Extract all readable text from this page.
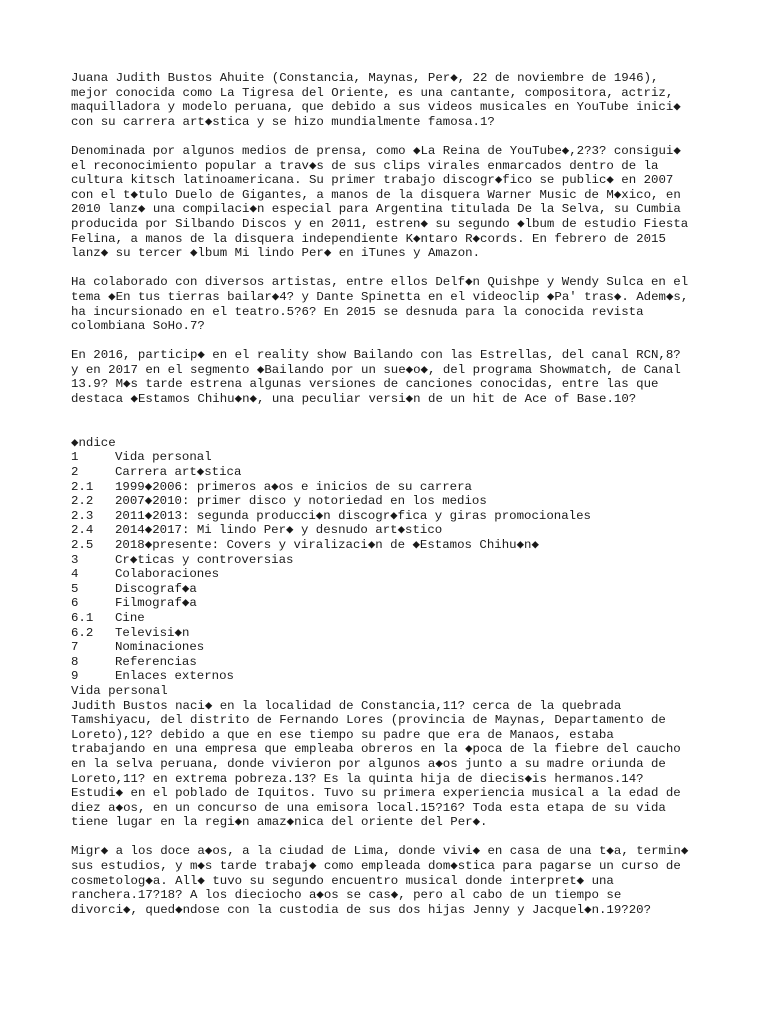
Juana Judith Bustos Ahuite (Constancia, Maynas, Per◆, 22 de noviembre de 1946),
mejor conocida como La Tigresa del Oriente, es una cantante, compositora, actriz,
maquilladora y modelo peruana, que debido a sus videos musicales en YouTube inici◆
con su carrera art◆stica y se hizo mundialmente famosa.1?
Denominada por algunos medios de prensa, como ◆La Reina de YouTube◆,2?3? consigui◆
el reconocimiento popular a trav◆s de sus clips virales enmarcados dentro de la
cultura kitsch latinoamericana. Su primer trabajo discogr◆fico se public◆ en 2007
con el t◆tulo Duelo de Gigantes, a manos de la disquera Warner Music de M◆xico, en
2010 lanz◆ una compilaci◆n especial para Argentina titulada De la Selva, su Cumbia
producida por Silbando Discos y en 2011, estren◆ su segundo ◆lbum de estudio Fiesta
Felina, a manos de la disquera independiente K◆ntaro R◆cords. En febrero de 2015
lanz◆ su tercer ◆lbum Mi lindo Per◆ en iTunes y Amazon.
Ha colaborado con diversos artistas, entre ellos Delf◆n Quishpe y Wendy Sulca en el
tema ◆En tus tierras bailar◆4? y Dante Spinetta en el videoclip ◆Pa' tras◆. Adem◆s,
ha incursionado en el teatro.5?6? En 2015 se desnuda para la conocida revista
colombiana SoHo.7?
En 2016, particip◆ en el reality show Bailando con las Estrellas, del canal RCN,8?
y en 2017 en el segmento ◆Bailando por un sue◆o◆, del programa Showmatch, de Canal
13.9? M◆s tarde estrena algunas versiones de canciones conocidas, entre las que
destaca ◆Estamos Chihu◆n◆, una peculiar versi◆n de un hit de Ace of Base.10?
◆ndice
1	Vida personal
2	Carrera art◆stica
2.1 1999◆2006: primeros a◆os e inicios de su carrera
2.2 2007◆2010: primer disco y notoriedad en los medios
2.3 2011◆2013: segunda producci◆n discogr◆fica y giras promocionales
2.4 2014◆2017: Mi lindo Per◆ y desnudo art◆stico
2.5 2018◆presente: Covers y viralizaci◆n de ◆Estamos Chihu◆n◆
3	Cr◆ticas y controversias
4	Colaboraciones
5	Discograf◆a
6	Filmograf◆a
6.1 Cine
6.2 Televisi◆n
7	Nominaciones
8	Referencias
9	Enlaces externos
Vida personal
Judith Bustos naci◆ en la localidad de Constancia,11? cerca de la quebrada
Tamshiyacu, del distrito de Fernando Lores (provincia de Maynas, Departamento de
Loreto),12? debido a que en ese tiempo su padre que era de Manaos, estaba
trabajando en una empresa que empleaba obreros en la ◆poca de la fiebre del caucho
en la selva peruana, donde vivieron por algunos a◆os junto a su madre oriunda de
Loreto,11? en extrema pobreza.13? Es la quinta hija de diecis◆is hermanos.14?
Estudi◆ en el poblado de Iquitos. Tuvo su primera experiencia musical a la edad de
diez a◆os, en un concurso de una emisora local.15?16? Toda esta etapa de su vida
tiene lugar en la regi◆n amaz◆nica del oriente del Per◆.
Migr◆ a los doce a◆os, a la ciudad de Lima, donde vivi◆ en casa de una t◆a, termin◆
sus estudios, y m◆s tarde trabaj◆ como empleada dom◆stica para pagarse un curso de
cosmetolog◆a. All◆ tuvo su segundo encuentro musical donde interpret◆ una
ranchera.17?18? A los dieciocho a◆os se cas◆, pero al cabo de un tiempo se
divorci◆, qued◆ndose con la custodia de sus dos hijas Jenny y Jacquel◆n.19?20?
